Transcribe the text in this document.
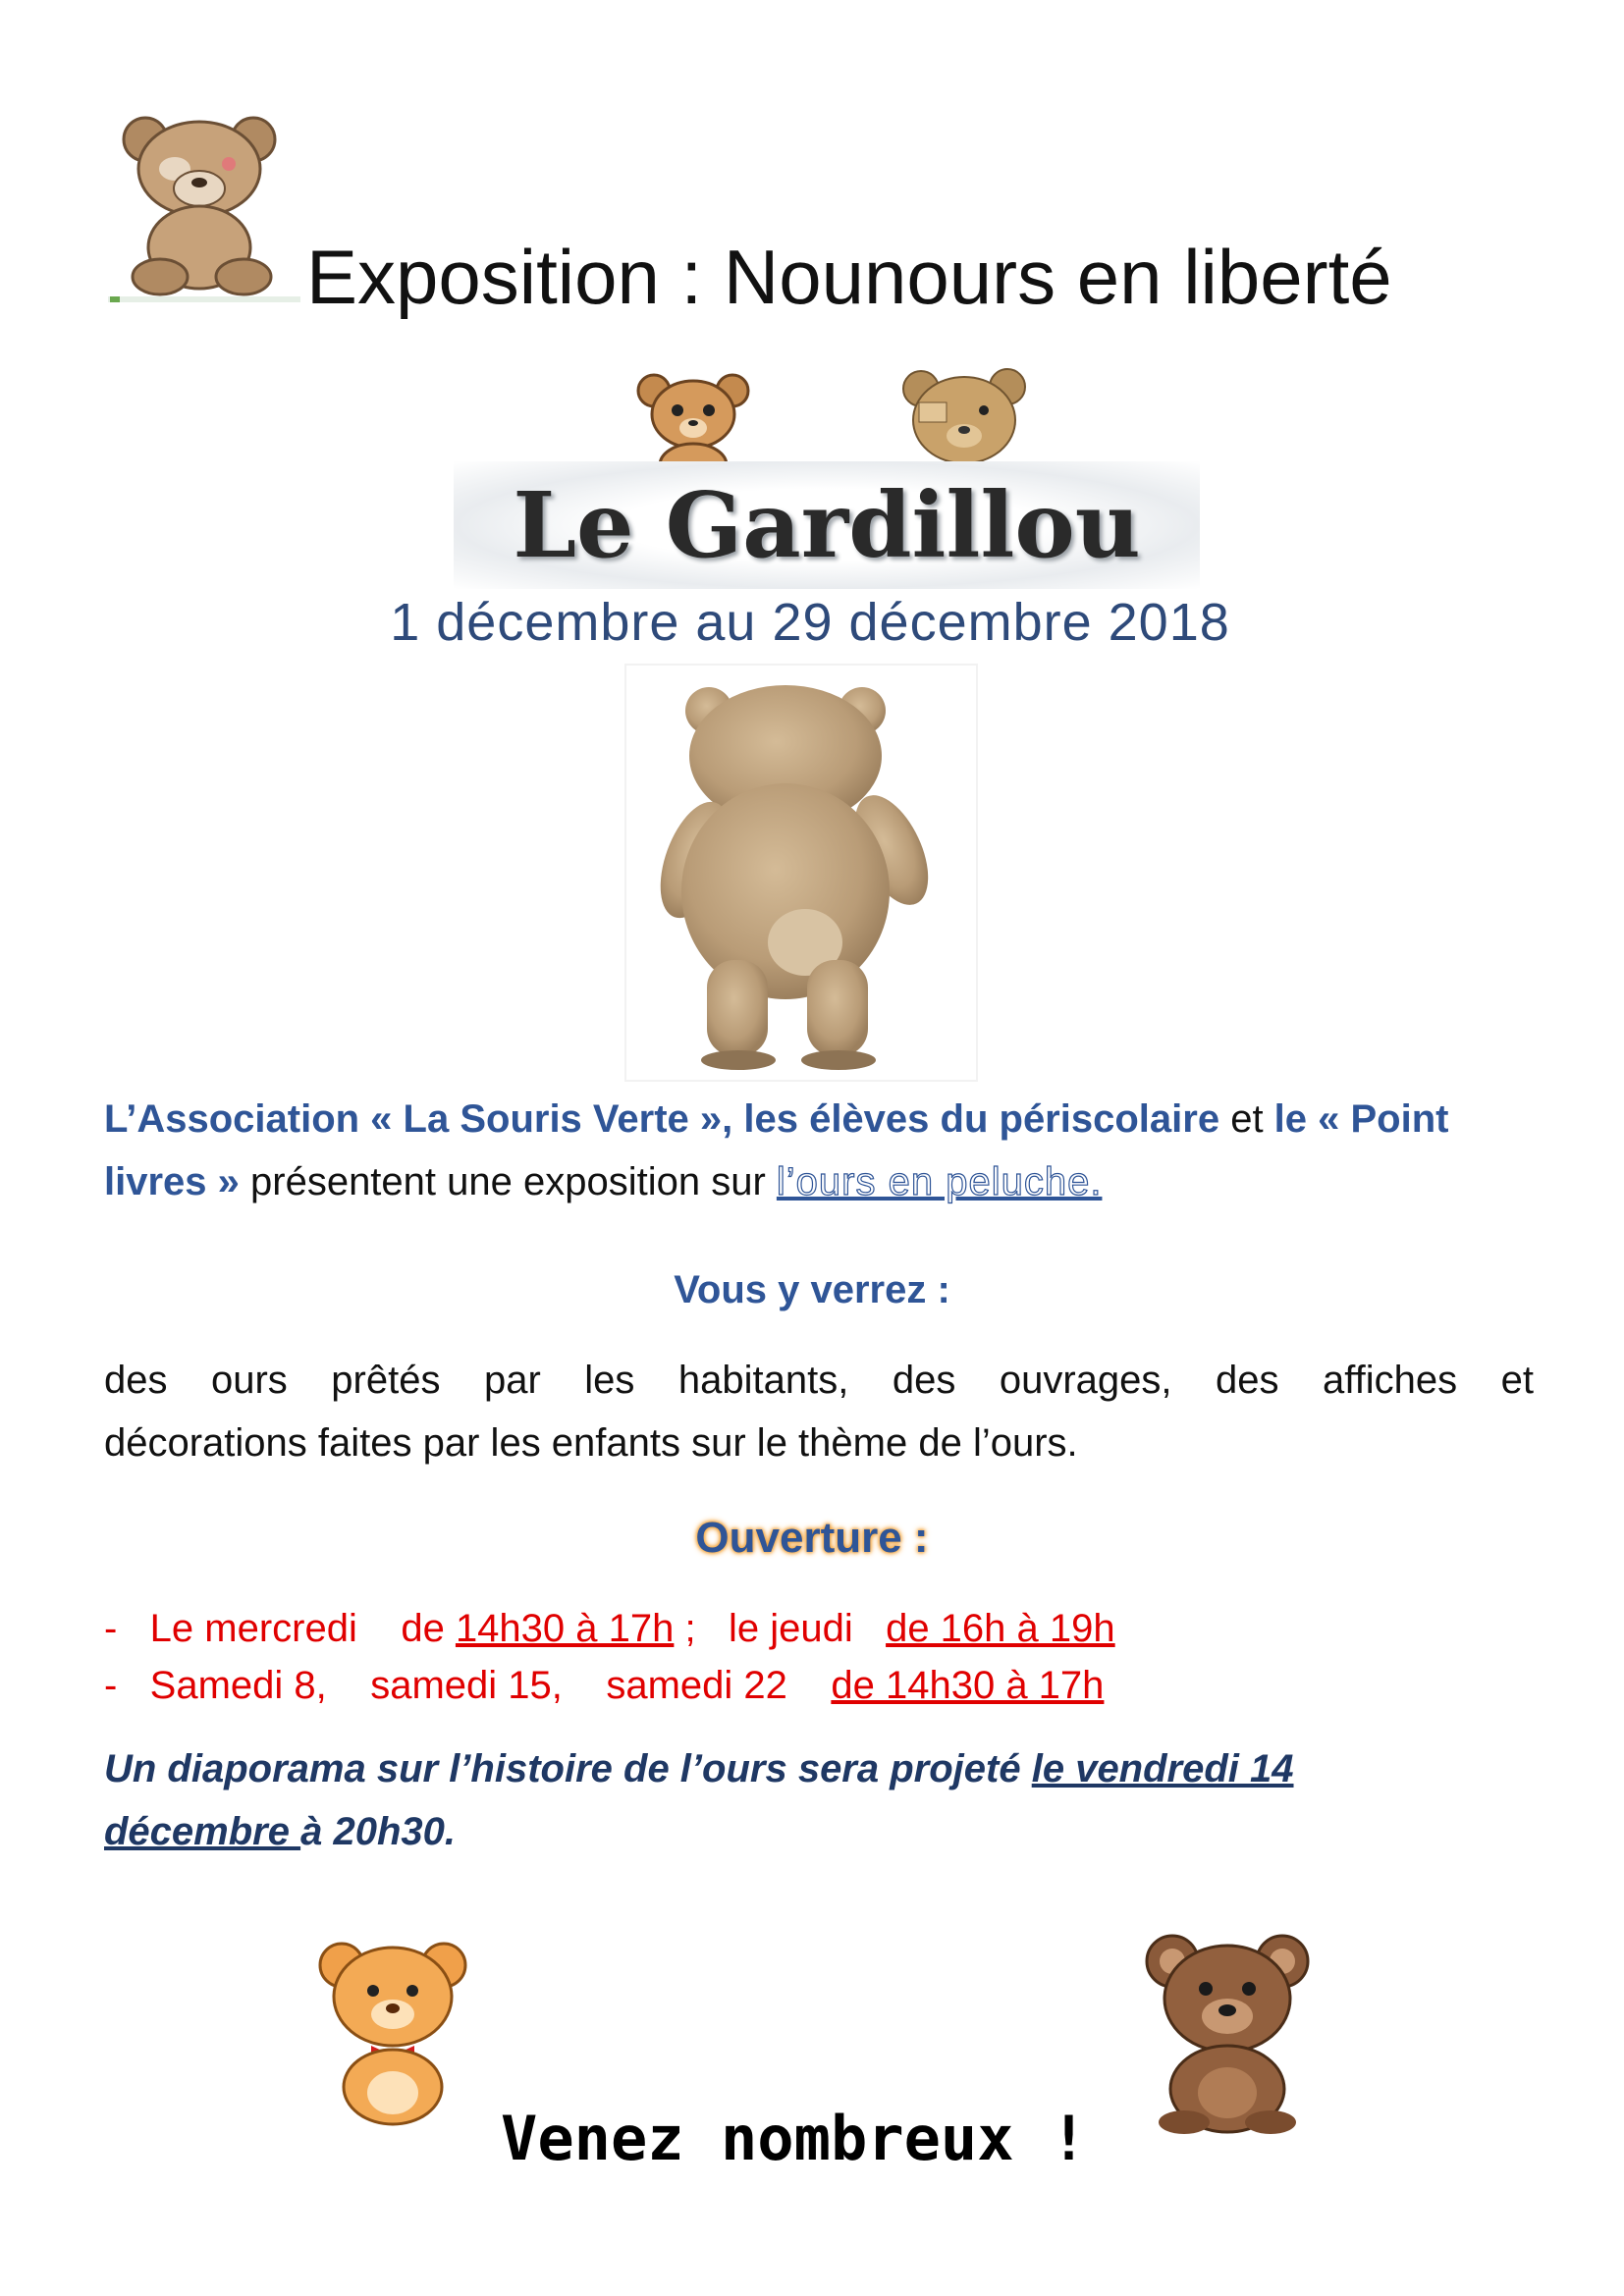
Exposition : Nounours en liberté
Le Gardillou
1 décembre au 29 décembre 2018
L’Association « La Souris Verte », les élèves du périscolaire et le « Point livres » présentent une exposition sur l’ours en peluche.
Vous y verrez :
des ours prêtés par les habitants, des ouvrages, des affiches et
décorations faites par les enfants sur le thème de l’ours.
Ouverture :
- Le mercredi de 14h30 à 17h ; le jeudi de 16h à 19h
- Samedi 8, samedi 15, samedi 22 de 14h30 à 17h
Un diaporama sur l’histoire de l’ours sera projeté le vendredi 14
décembre à 20h30.
Venez nombreux !
